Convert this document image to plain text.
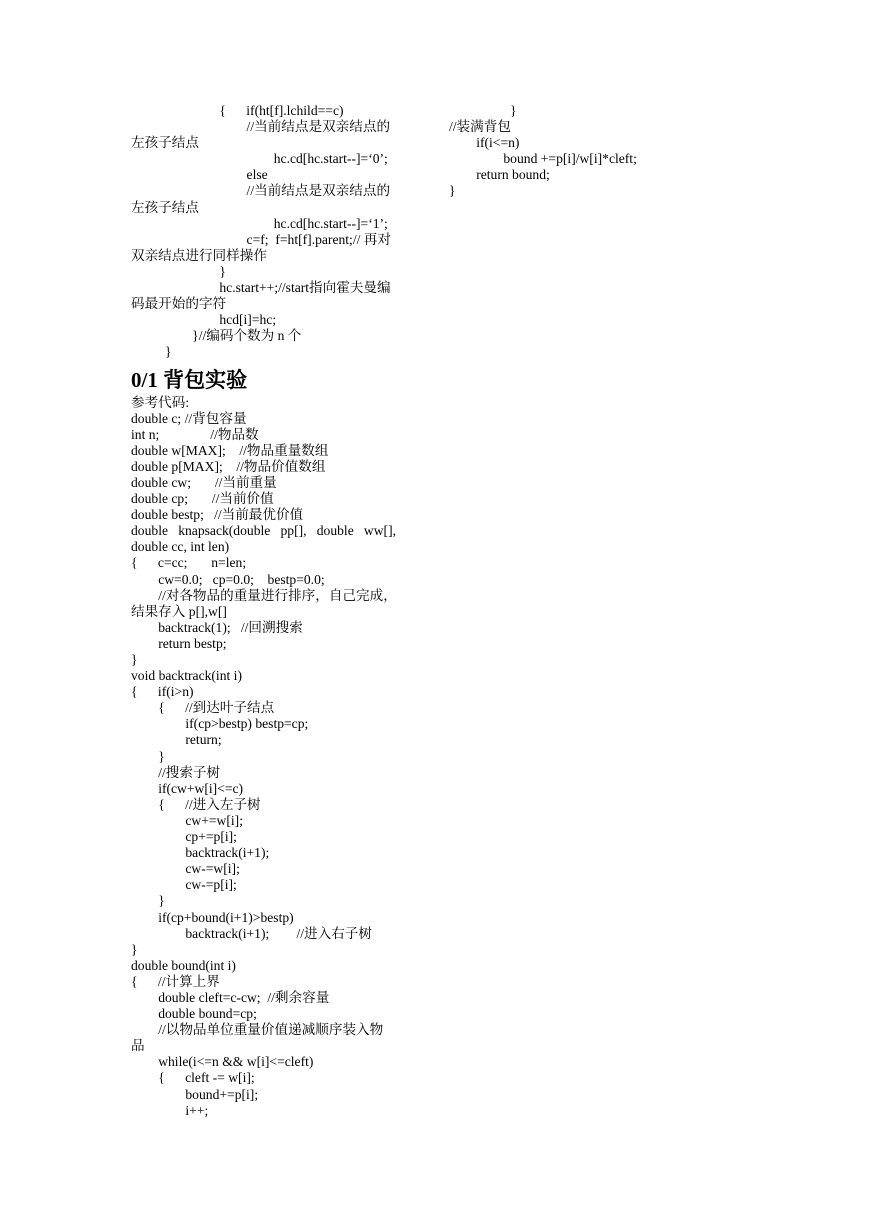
{      if(ht[f].lchild==c)
//当前结点是双亲结点的
左孩子结点
hc.cd[hc.start--]=‘0’;
else
//当前结点是双亲结点的
左孩子结点
hc.cd[hc.start--]=‘1’;
c=f;  f=ht[f].parent;// 再对
双亲结点进行同样操作
}
hc.start++;//start指向霍夫曼编
码最开始的字符
hcd[i]=hc;
}//编码个数为 n 个
}
0/1 背包实验
参考代码:
double c; //背包容量
int n;               //物品数
double w[MAX];    //物品重量数组
double p[MAX];    //物品价值数组
double cw;       //当前重量
double cp;       //当前价值
double bestp;   //当前最优价值
double   knapsack(double   pp[],   double   ww[],
double cc, int len)
{      c=cc;       n=len;
cw=0.0;   cp=0.0;    bestp=0.0;
//对各物品的重量进行排序，自己完成，
结果存入 p[],w[]
backtrack(1);   //回溯搜索
return bestp;
}
void backtrack(int i)
{      if(i>n)
{      //到达叶子结点
if(cp>bestp) bestp=cp;
return;
}
//搜索子树
if(cw+w[i]<=c)
{      //进入左子树
cw+=w[i];
cp+=p[i];
backtrack(i+1);
cw-=w[i];
cw-=p[i];
}
if(cp+bound(i+1)>bestp)
backtrack(i+1);        //进入右子树
}
double bound(int i)
{      //计算上界
double cleft=c-cw;  //剩余容量
double bound=cp;
//以物品单位重量价值递减顺序装入物
品
while(i<=n && w[i]<=cleft)
{      cleft -= w[i];
bound+=p[i];
i++;
}
//装满背包
if(i<=n)
bound +=p[i]/w[i]*cleft;
return bound;
}
